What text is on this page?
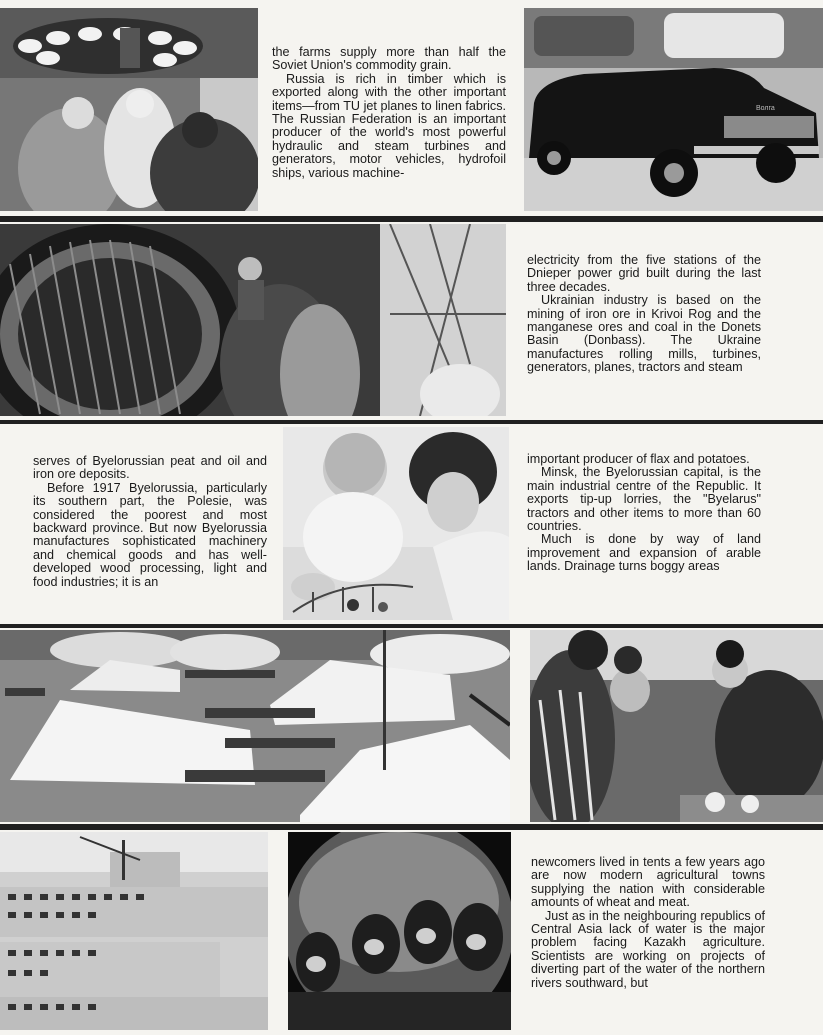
the farms supply more than half the Soviet Union's commodity grain.

Russia is rich in timber which is exported along with the other important items—from TU jet planes to linen fabrics. The Russian Federation is an important producer of the world's most powerful hydraulic and steam turbines and generators, motor vehicles, hydrofoil ships, various machine-

Волга

electricity from the five stations of the Dnieper power grid built during the last three decades.

Ukrainian industry is based on the mining of iron ore in Krivoi Rog and the manganese ores and coal in the Donets Basin (Donbass). The Ukraine manufactures rolling mills, turbines, generators, planes, tractors and steam

serves of Byelorussian peat and oil and iron ore deposits.

Before 1917 Byelorussia, particularly its southern part, the Polesie, was considered the poorest and most backward province. But now Byelorussia manufactures sophisticated machinery and chemical goods and has well-developed wood processing, light and food industries; it is an

important producer of flax and potatoes.

Minsk, the Byelorussian capital, is the main industrial centre of the Republic. It exports tip-up lorries, the "Byelarus" tractors and other items to more than 60 countries.

Much is done by way of land improvement and expansion of arable lands. Drainage turns boggy areas

newcomers lived in tents a few years ago are now modern agricultural towns supplying the nation with considerable amounts of wheat and meat.

Just as in the neighbouring republics of Central Asia lack of water is the major problem facing Kazakh agriculture. Scientists are working on projects of diverting part of the water of the northern rivers southward, but
